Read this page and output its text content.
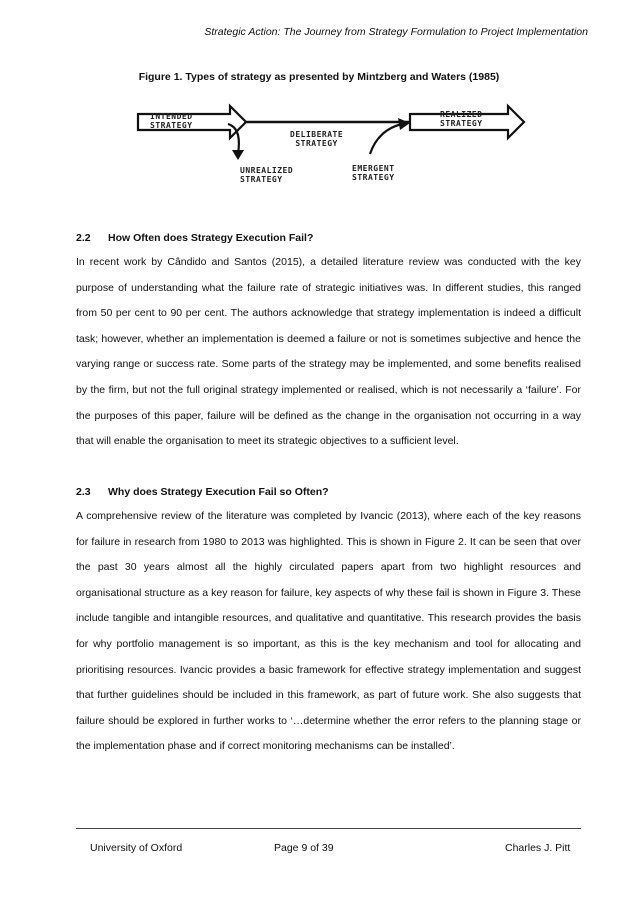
Strategic Action: The Journey from Strategy Formulation to Project Implementation
Figure 1. Types of strategy as presented by Mintzberg and Waters (1985)
INTENDED
STRATEGY
DELIBERATE
STRATEGY
REALIZED
STRATEGY
UNREALIZED
STRATEGY
EMERGENT
STRATEGY
2.2 How Often does Strategy Execution Fail?

In recent work by Cândido and Santos (2015), a detailed literature review was conducted with the key purpose of understanding what the failure rate of strategic initiatives was. In different studies, this ranged from 50 per cent to 90 per cent. The authors acknowledge that strategy implementation is indeed a difficult task; however, whether an implementation is deemed a failure or not is sometimes subjective and hence the varying range or success rate. Some parts of the strategy may be implemented, and some benefits realised by the firm, but not the full original strategy implemented or realised, which is not necessarily a ‘failure’. For the purposes of this paper, failure will be defined as the change in the organisation not occurring in a way that will enable the organisation to meet its strategic objectives to a sufficient level.

2.3 Why does Strategy Execution Fail so Often?

A comprehensive review of the literature was completed by Ivancic (2013), where each of the key reasons for failure in research from 1980 to 2013 was highlighted. This is shown in Figure 2. It can be seen that over the past 30 years almost all the highly circulated papers apart from two highlight resources and organisational structure as a key reason for failure, key aspects of why these fail is shown in Figure 3. These include tangible and intangible resources, and qualitative and quantitative. This research provides the basis for why portfolio management is so important, as this is the key mechanism and tool for allocating and prioritising resources. Ivancic provides a basic framework for effective strategy implementation and suggest that further guidelines should be included in this framework, as part of future work. She also suggests that failure should be explored in further works to ‘…determine whether the error refers to the planning stage or the implementation phase and if correct monitoring mechanisms can be installed’.

University of Oxford	Page 9 of 39	Charles J. Pitt
